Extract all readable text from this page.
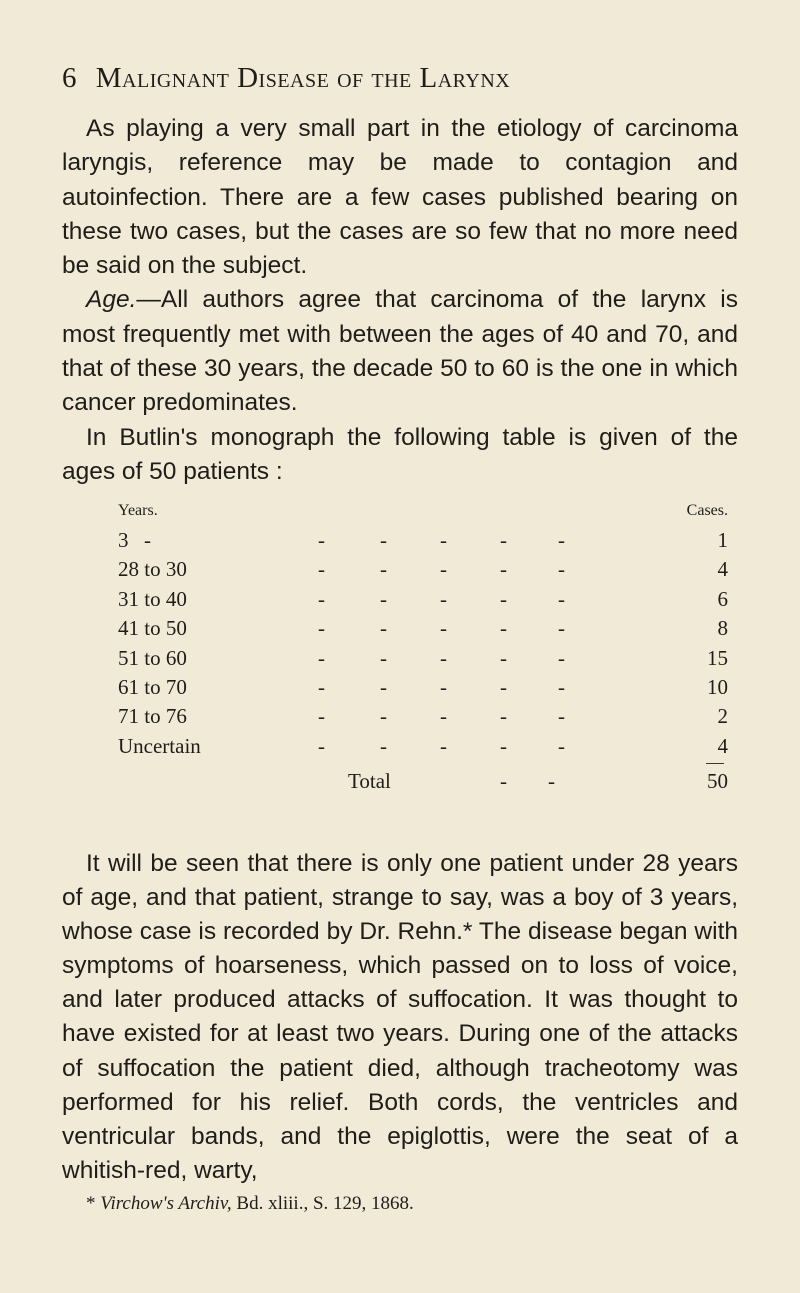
6 Malignant Disease of the Larynx

As playing a very small part in the etiology of carcinoma laryngis, reference may be made to contagion and autoinfection. There are a few cases published bearing on these two cases, but the cases are so few that no more need be said on the subject.

Age.—All authors agree that carcinoma of the larynx is most frequently met with between the ages of 40 and 70, and that of these 30 years, the decade 50 to 60 is the one in which cancer predominates.

In Butlin's monograph the following table is given of the ages of 50 patients :

Years.	Cases.
3 -	-	-	-	- -	1
28 to 30	-	-	-	- -	4
31 to 40	-	-	-	- -	6
41 to 50	-	-	-	- -	8
51 to 60	-	-	-	- -	15
61 to 70	-	-	-	- -	10
71 to 76	-	-	-	- -	2
Uncertain	-	-	-	- -	4
Total	- -	50

It will be seen that there is only one patient under 28 years of age, and that patient, strange to say, was a boy of 3 years, whose case is recorded by Dr. Rehn.* The disease began with symptoms of hoarseness, which passed on to loss of voice, and later produced attacks of suffocation. It was thought to have existed for at least two years. During one of the attacks of suffocation the patient died, although tracheotomy was performed for his relief. Both cords, the ventricles and ventricular bands, and the epiglottis, were the seat of a whitish-red, warty,

* Virchow's Archiv, Bd. xliii., S. 129, 1868.
